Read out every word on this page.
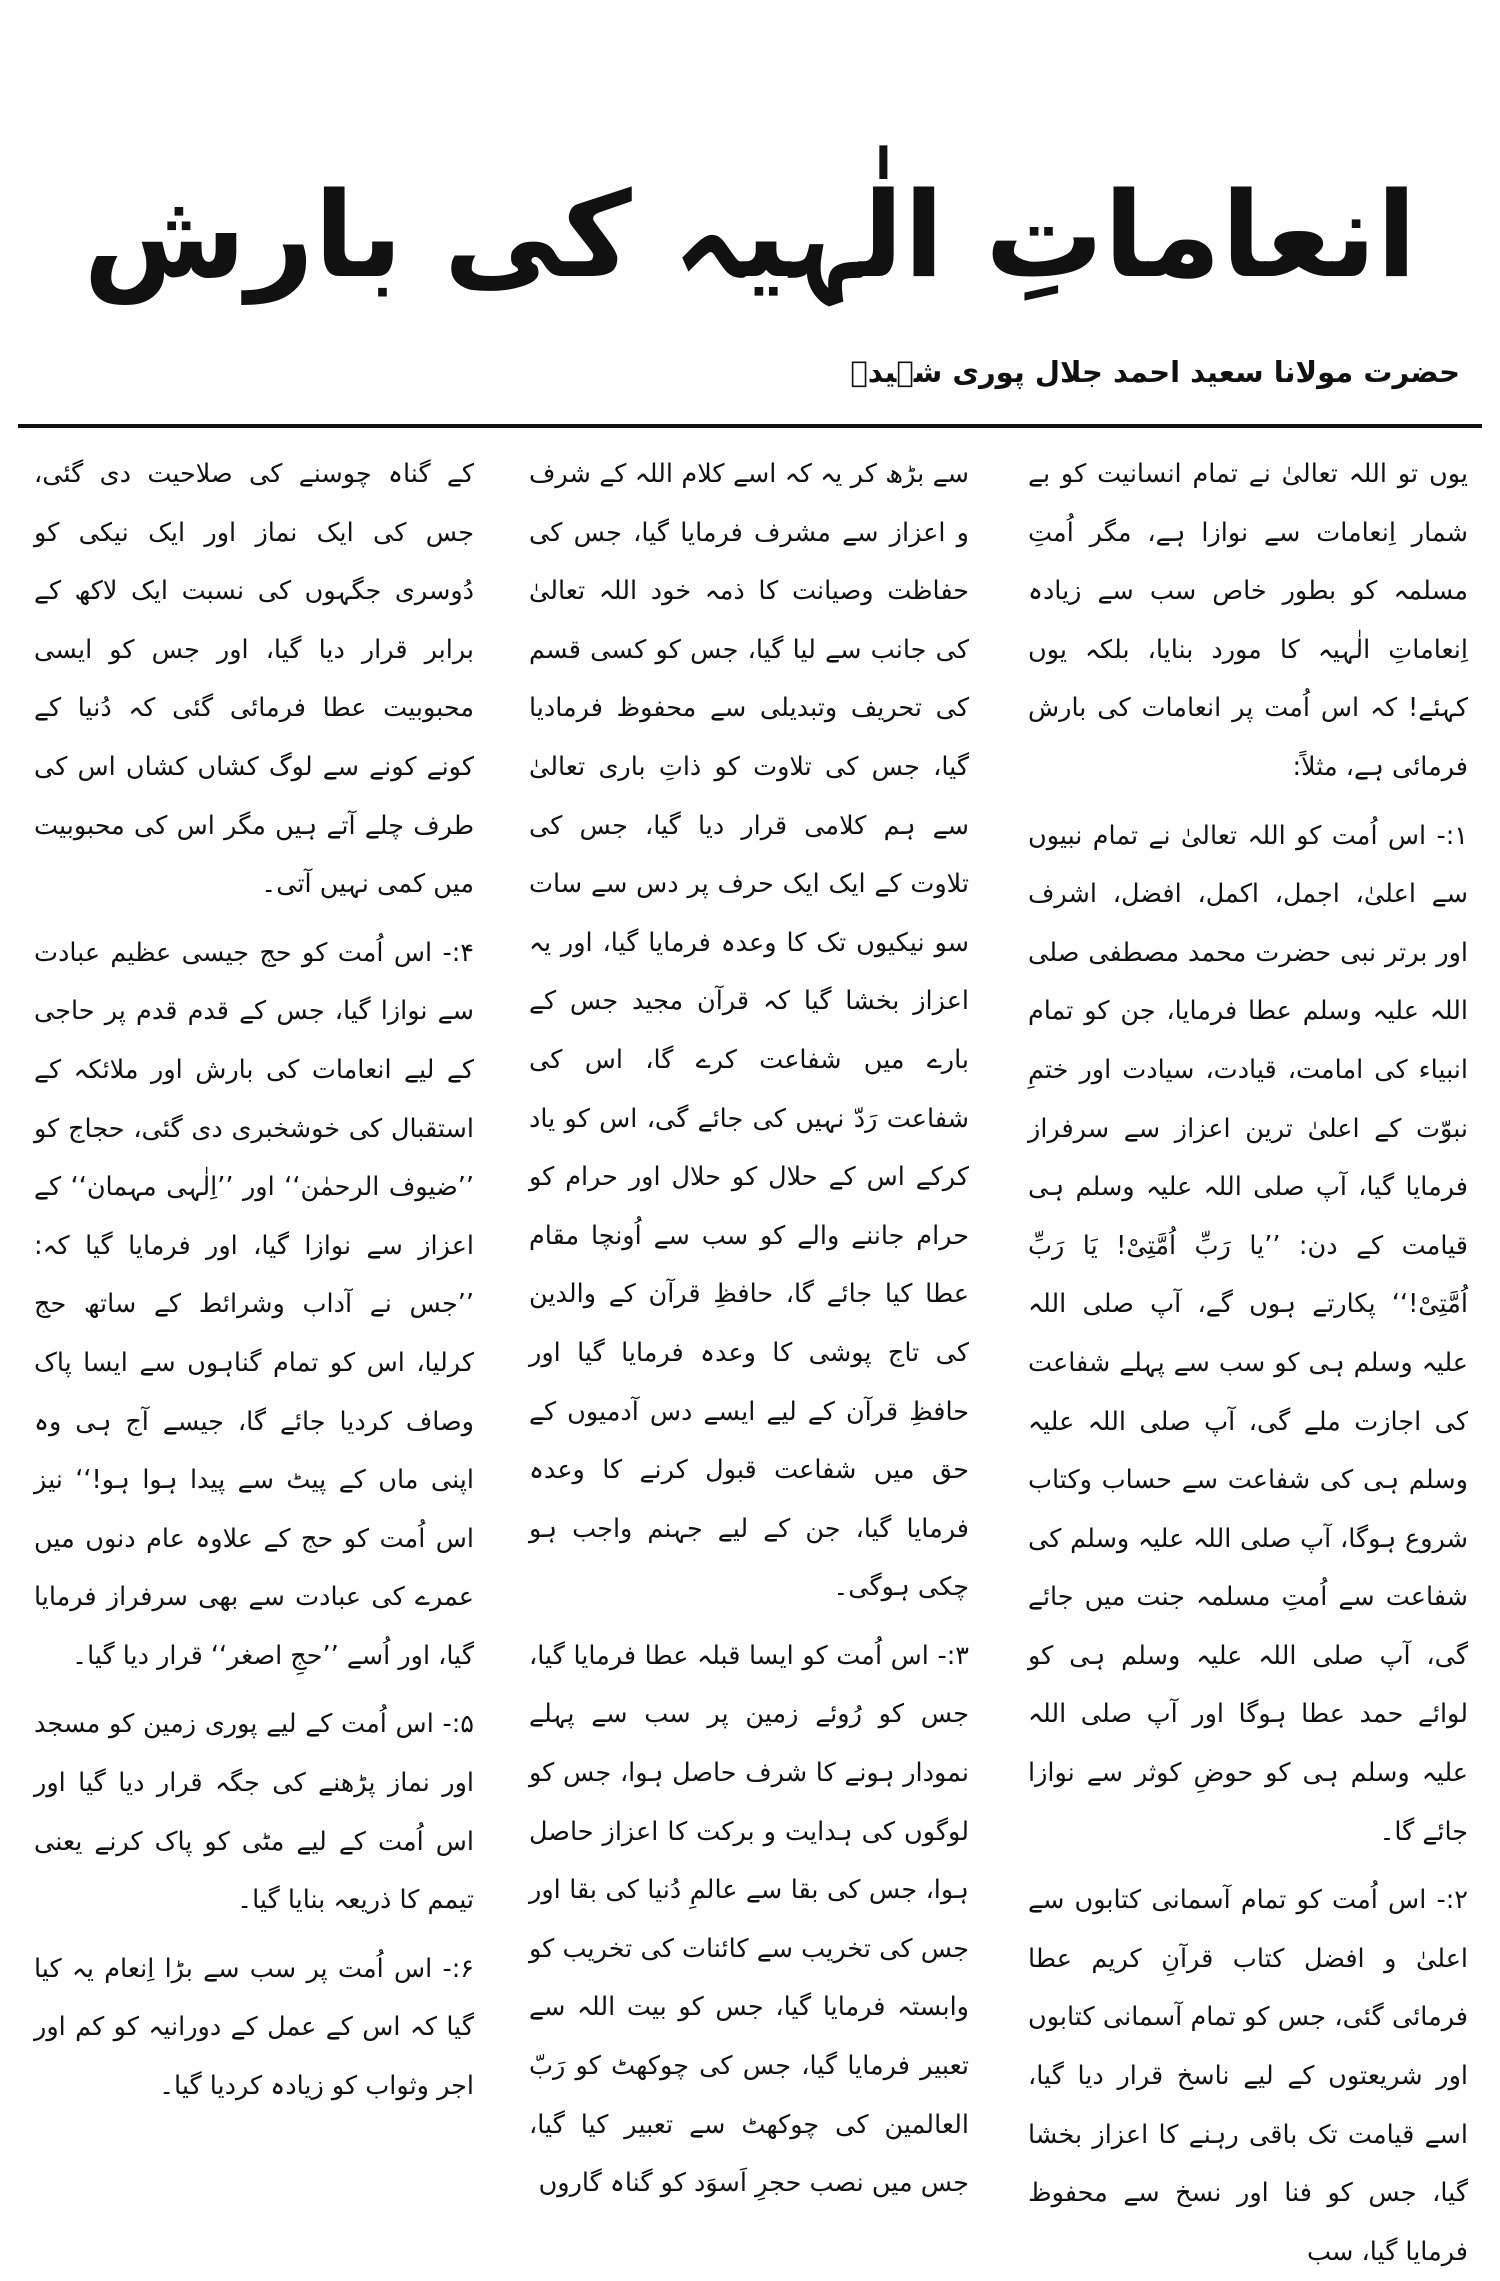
انعاماتِ الٰہیہ کی بارش
حضرت مولانا سعید احمد جلال پوری شہیدؒ

یوں تو اللہ تعالیٰ نے تمام انسانیت کو بے شمار اِنعامات سے نوازا ہے، مگر اُمتِ مسلمہ کو بطور خاص سب سے زیادہ اِنعاماتِ الٰہیہ کا مورد بنایا، بلکہ یوں کہئے! کہ اس اُمت پر انعامات کی بارش فرمائی ہے، مثلاً:

۱:- اس اُمت کو اللہ تعالیٰ نے تمام نبیوں سے اعلیٰ، اجمل، اکمل، افضل، اشرف اور برتر نبی حضرت محمد مصطفی صلی اللہ علیہ وسلم عطا فرمایا، جن کو تمام انبیاء کی امامت، قیادت، سیادت اور ختمِ نبوّت کے اعلیٰ ترین اعزاز سے سرفراز فرمایا گیا، آپ صلی اللہ علیہ وسلم ہی قیامت کے دن: ’’یا رَبِّ اُمَّتِیْ! یَا رَبِّ اُمَّتِیْ!‘‘ پکارتے ہوں گے، آپ صلی اللہ علیہ وسلم ہی کو سب سے پہلے شفاعت کی اجازت ملے گی، آپ صلی اللہ علیہ وسلم ہی کی شفاعت سے حساب وکتاب شروع ہوگا، آپ صلی اللہ علیہ وسلم کی شفاعت سے اُمتِ مسلمہ جنت میں جائے گی، آپ صلی اللہ علیہ وسلم ہی کو لوائے حمد عطا ہوگا اور آپ صلی اللہ علیہ وسلم ہی کو حوضِ کوثر سے نوازا جائے گا۔

۲:- اس اُمت کو تمام آسمانی کتابوں سے اعلیٰ و افضل کتاب قرآنِ کریم عطا فرمائی گئی، جس کو تمام آسمانی کتابوں اور شریعتوں کے لیے ناسخ قرار دیا گیا، اسے قیامت تک باقی رہنے کا اعزاز بخشا گیا، جس کو فنا اور نسخ سے محفوظ فرمایا گیا، سب

سے بڑھ کر یہ کہ اسے کلام اللہ کے شرف و اعزاز سے مشرف فرمایا گیا، جس کی حفاظت وصیانت کا ذمہ خود اللہ تعالیٰ کی جانب سے لیا گیا، جس کو کسی قسم کی تحریف وتبدیلی سے محفوظ فرمادیا گیا، جس کی تلاوت کو ذاتِ باری تعالیٰ سے ہم کلامی قرار دیا گیا، جس کی تلاوت کے ایک ایک حرف پر دس سے سات سو نیکیوں تک کا وعدہ فرمایا گیا، اور یہ اعزاز بخشا گیا کہ قرآن مجید جس کے بارے میں شفاعت کرے گا، اس کی شفاعت رَدّ نہیں کی جائے گی، اس کو یاد کرکے اس کے حلال کو حلال اور حرام کو حرام جاننے والے کو سب سے اُونچا مقام عطا کیا جائے گا، حافظِ قرآن کے والدین کی تاج پوشی کا وعدہ فرمایا گیا اور حافظِ قرآن کے لیے ایسے دس آدمیوں کے حق میں شفاعت قبول کرنے کا وعدہ فرمایا گیا، جن کے لیے جہنم واجب ہو چکی ہوگی۔

۳:- اس اُمت کو ایسا قبلہ عطا فرمایا گیا، جس کو رُوئے زمین پر سب سے پہلے نمودار ہونے کا شرف حاصل ہوا، جس کو لوگوں کی ہدایت و برکت کا اعزاز حاصل ہوا، جس کی بقا سے عالمِ دُنیا کی بقا اور جس کی تخریب سے کائنات کی تخریب کو وابستہ فرمایا گیا، جس کو بیت اللہ سے تعبیر فرمایا گیا، جس کی چوکھٹ کو رَبّ العالمین کی چوکھٹ سے تعبیر کیا گیا، جس میں نصب حجرِ اَسوَد کو گناہ گاروں

کے گناہ چوسنے کی صلاحیت دی گئی، جس کی ایک نماز اور ایک نیکی کو دُوسری جگہوں کی نسبت ایک لاکھ کے برابر قرار دیا گیا، اور جس کو ایسی محبوبیت عطا فرمائی گئی کہ دُنیا کے کونے کونے سے لوگ کشاں کشاں اس کی طرف چلے آتے ہیں مگر اس کی محبوبیت میں کمی نہیں آتی۔

۴:- اس اُمت کو حج جیسی عظیم عبادت سے نوازا گیا، جس کے قدم قدم پر حاجی کے لیے انعامات کی بارش اور ملائکہ کے استقبال کی خوشخبری دی گئی، حجاج کو ’’ضیوف الرحمٰن‘‘ اور ’’اِلٰہی مہمان‘‘ کے اعزاز سے نوازا گیا، اور فرمایا گیا کہ: ’’جس نے آداب وشرائط کے ساتھ حج کرلیا، اس کو تمام گناہوں سے ایسا پاک وصاف کردیا جائے گا، جیسے آج ہی وہ اپنی ماں کے پیٹ سے پیدا ہوا ہو!‘‘ نیز اس اُمت کو حج کے علاوہ عام دنوں میں عمرے کی عبادت سے بھی سرفراز فرمایا گیا، اور اُسے ’’حجِ اصغر‘‘ قرار دیا گیا۔

۵:- اس اُمت کے لیے پوری زمین کو مسجد اور نماز پڑھنے کی جگہ قرار دیا گیا اور اس اُمت کے لیے مٹی کو پاک کرنے یعنی تیمم کا ذریعہ بنایا گیا۔

۶:- اس اُمت پر سب سے بڑا اِنعام یہ کیا گیا کہ اس کے عمل کے دورانیہ کو کم اور اجر وثواب کو زیادہ کردیا گیا۔
